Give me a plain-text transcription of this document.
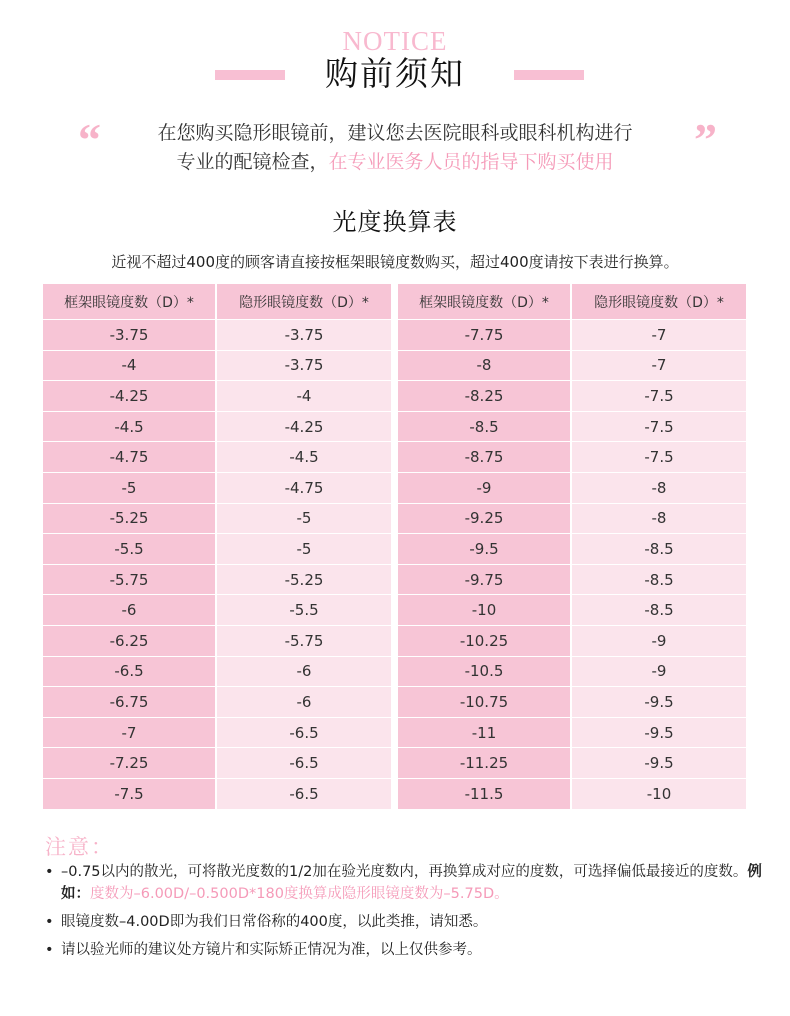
NOTICE
购前须知
“	”
在您购买隐形眼镜前，建议您去医院眼科或眼科机构进行
专业的配镜检查，在专业医务人员的指导下购买使用
光度换算表
近视不超过400度的顾客请直接按框架眼镜度数购买，超过400度请按下表进行换算。
框架眼镜度数（D）*	隐形眼镜度数（D）*
-3.75	-3.75
-4	-3.75
-4.25	-4
-4.5	-4.25
-4.75	-4.5
-5	-4.75
-5.25	-5
-5.5	-5
-5.75	-5.25
-6	-5.5
-6.25	-5.75
-6.5	-6
-6.75	-6
-7	-6.5
-7.25	-6.5
-7.5	-6.5
框架眼镜度数（D）*	隐形眼镜度数（D）*
-7.75	-7
-8	-7
-8.25	-7.5
-8.5	-7.5
-8.75	-7.5
-9	-8
-9.25	-8
-9.5	-8.5
-9.75	-8.5
-10	-8.5
-10.25	-9
-10.5	-9
-10.75	-9.5
-11	-9.5
-11.25	-9.5
-11.5	-10
注意：
• –0.75以内的散光，可将散光度数的1/2加在验光度数内，再换算成对应的度数，可选择偏低最接近的度数。例如：度数为–6.00D/–0.500D*180度换算成隐形眼镜度数为–5.75D。
• 眼镜度数–4.00D即为我们日常俗称的400度，以此类推，请知悉。
• 请以验光师的建议处方镜片和实际矫正情况为准，以上仅供参考。
